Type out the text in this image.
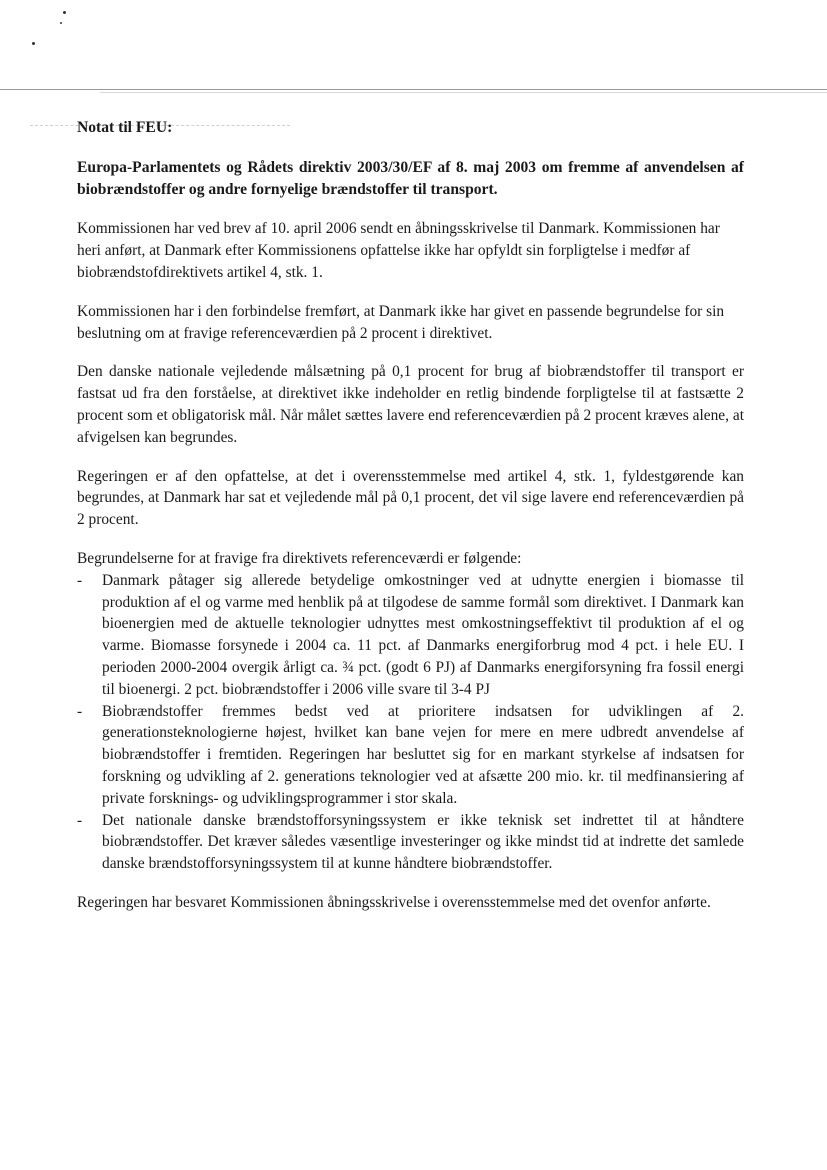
Notat til FEU:
Europa-Parlamentets og Rådets direktiv 2003/30/EF af 8. maj 2003 om fremme af anvendelsen af biobrændstoffer og andre fornyelige brændstoffer til transport.

Kommissionen har ved brev af 10. april 2006 sendt en åbningsskrivelse til Danmark. Kommissionen har heri anført, at Danmark efter Kommissionens opfattelse ikke har opfyldt sin forpligtelse i medfør af biobrændstofdirektivets artikel 4, stk. 1.

Kommissionen har i den forbindelse fremført, at Danmark ikke har givet en passende begrundelse for sin beslutning om at fravige referenceværdien på 2 procent i direktivet.

Den danske nationale vejledende målsætning på 0,1 procent for brug af biobrændstoffer til transport er fastsat ud fra den forståelse, at direktivet ikke indeholder en retlig bindende forpligtelse til at fastsætte 2 procent som et obligatorisk mål. Når målet sættes lavere end referenceværdien på 2 procent kræves alene, at afvigelsen kan begrundes.

Regeringen er af den opfattelse, at det i overensstemmelse med artikel 4, stk. 1, fyldestgørende kan begrundes, at Danmark har sat et vejledende mål på 0,1 procent, det vil sige lavere end referenceværdien på 2 procent.

Begrundelserne for at fravige fra direktivets referenceværdi er følgende:
- Danmark påtager sig allerede betydelige omkostninger ved at udnytte energien i biomasse til produktion af el og varme med henblik på at tilgodese de samme formål som direktivet. I Danmark kan bioenergien med de aktuelle teknologier udnyttes mest omkostningseffektivt til produktion af el og varme. Biomasse forsynede i 2004 ca. 11 pct. af Danmarks energiforbrug mod 4 pct. i hele EU. I perioden 2000-2004 overgik årligt ca. ¾ pct. (godt 6 PJ) af Danmarks energiforsyning fra fossil energi til bioenergi. 2 pct. biobrændstoffer i 2006 ville svare til 3-4 PJ
- Biobrændstoffer fremmes bedst ved at prioritere indsatsen for udviklingen af 2. generationsteknologierne højest, hvilket kan bane vejen for mere en mere udbredt anvendelse af biobrændstoffer i fremtiden. Regeringen har besluttet sig for en markant styrkelse af indsatsen for forskning og udvikling af 2. generations teknologier ved at afsætte 200 mio. kr. til medfinansiering af private forsknings- og udviklingsprogrammer i stor skala.
- Det nationale danske brændstofforsyningssystem er ikke teknisk set indrettet til at håndtere biobrændstoffer. Det kræver således væsentlige investeringer og ikke mindst tid at indrette det samlede danske brændstofforsyningssystem til at kunne håndtere biobrændstoffer.

Regeringen har besvaret Kommissionen åbningsskrivelse i overensstemmelse med det ovenfor anførte.
